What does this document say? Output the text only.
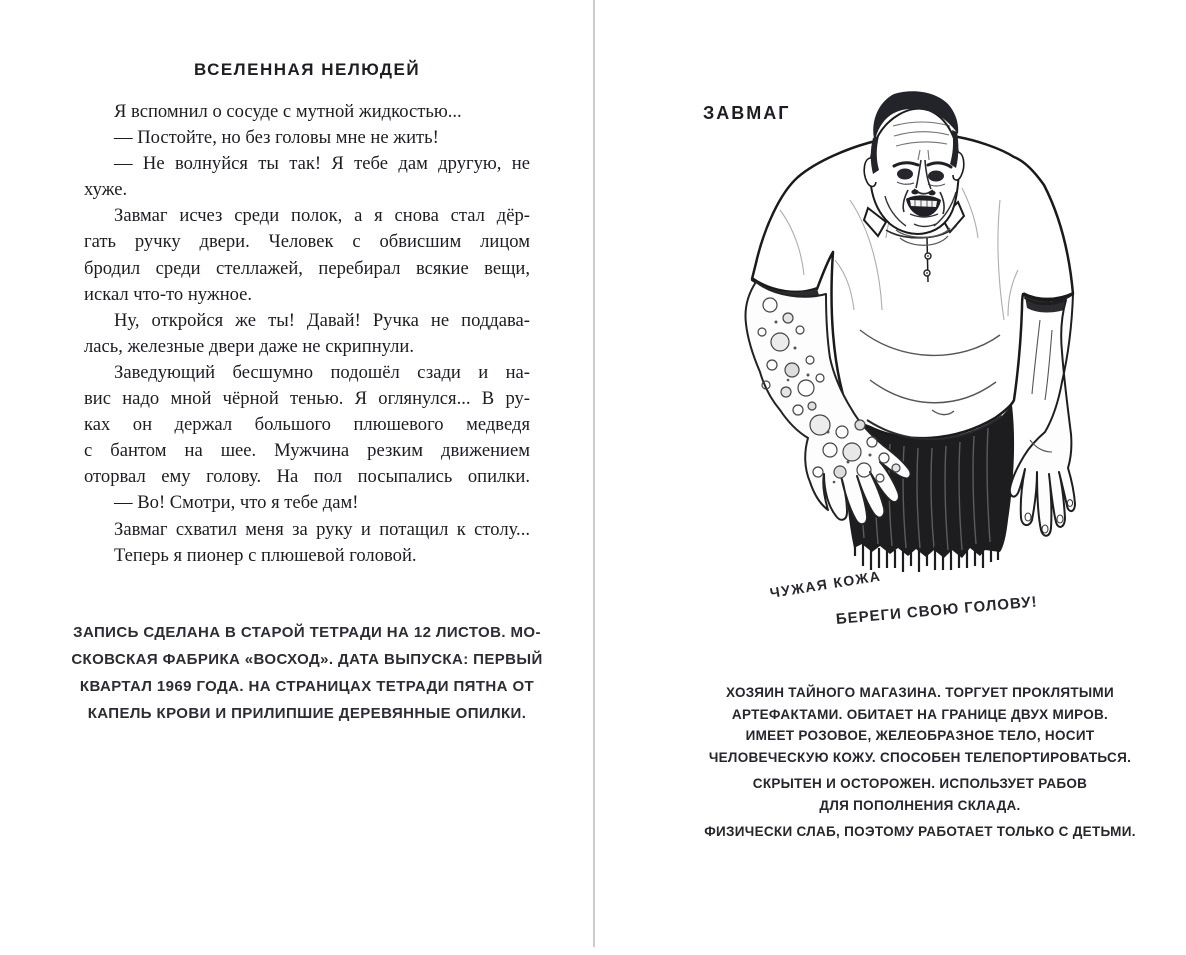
ВСЕЛЕННАЯ НЕЛЮДЕЙ
Я вспомнил о сосуде с мутной жидкостью...
— Постойте, но без головы мне не жить!
— Не волнуйся ты так! Я тебе дам другую, не
хуже.
Завмаг исчез среди полок, а я снова стал дёр-
гать ручку двери. Человек с обвисшим лицом
бродил среди стеллажей, перебирал всякие вещи,
искал что-то нужное.
Ну, откройся же ты! Давай! Ручка не поддава-
лась, железные двери даже не скрипнули.
Заведующий бесшумно подошёл сзади и на-
вис надо мной чёрной тенью. Я оглянулся... В ру-
ках он держал большого плюшевого медведя
с бантом на шее. Мужчина резким движением
оторвал ему голову. На пол посыпались опилки.
— Во! Смотри, что я тебе дам!
Завмаг схватил меня за руку и потащил к столу...
Теперь я пионер с плюшевой головой.
ЗАПИСЬ СДЕЛАНА В СТАРОЙ ТЕТРАДИ НА 12 ЛИСТОВ. МО-
СКОВСКАЯ ФАБРИКА «ВОСХОД». ДАТА ВЫПУСКА: ПЕРВЫЙ
КВАРТАЛ 1969 ГОДА. НА СТРАНИЦАХ ТЕТРАДИ ПЯТНА ОТ
КАПЕЛЬ КРОВИ И ПРИЛИПШИЕ ДЕРЕВЯННЫЕ ОПИЛКИ.
ЗАВМАГ
ЧУЖАЯ КОЖА
БЕРЕГИ СВОЮ ГОЛОВУ!
ХОЗЯИН ТАЙНОГО МАГАЗИНА. ТОРГУЕТ ПРОКЛЯТЫМИ
АРТЕФАКТАМИ. ОБИТАЕТ НА ГРАНИЦЕ ДВУХ МИРОВ.
ИМЕЕТ РОЗОВОЕ, ЖЕЛЕОБРАЗНОЕ ТЕЛО, НОСИТ
ЧЕЛОВЕЧЕСКУЮ КОЖУ. СПОСОБЕН ТЕЛЕПОРТИРОВАТЬСЯ.
СКРЫТЕН И ОСТОРОЖЕН. ИСПОЛЬЗУЕТ РАБОВ
ДЛЯ ПОПОЛНЕНИЯ СКЛАДА.
ФИЗИЧЕСКИ СЛАБ, ПОЭТОМУ РАБОТАЕТ ТОЛЬКО С ДЕТЬМИ.
